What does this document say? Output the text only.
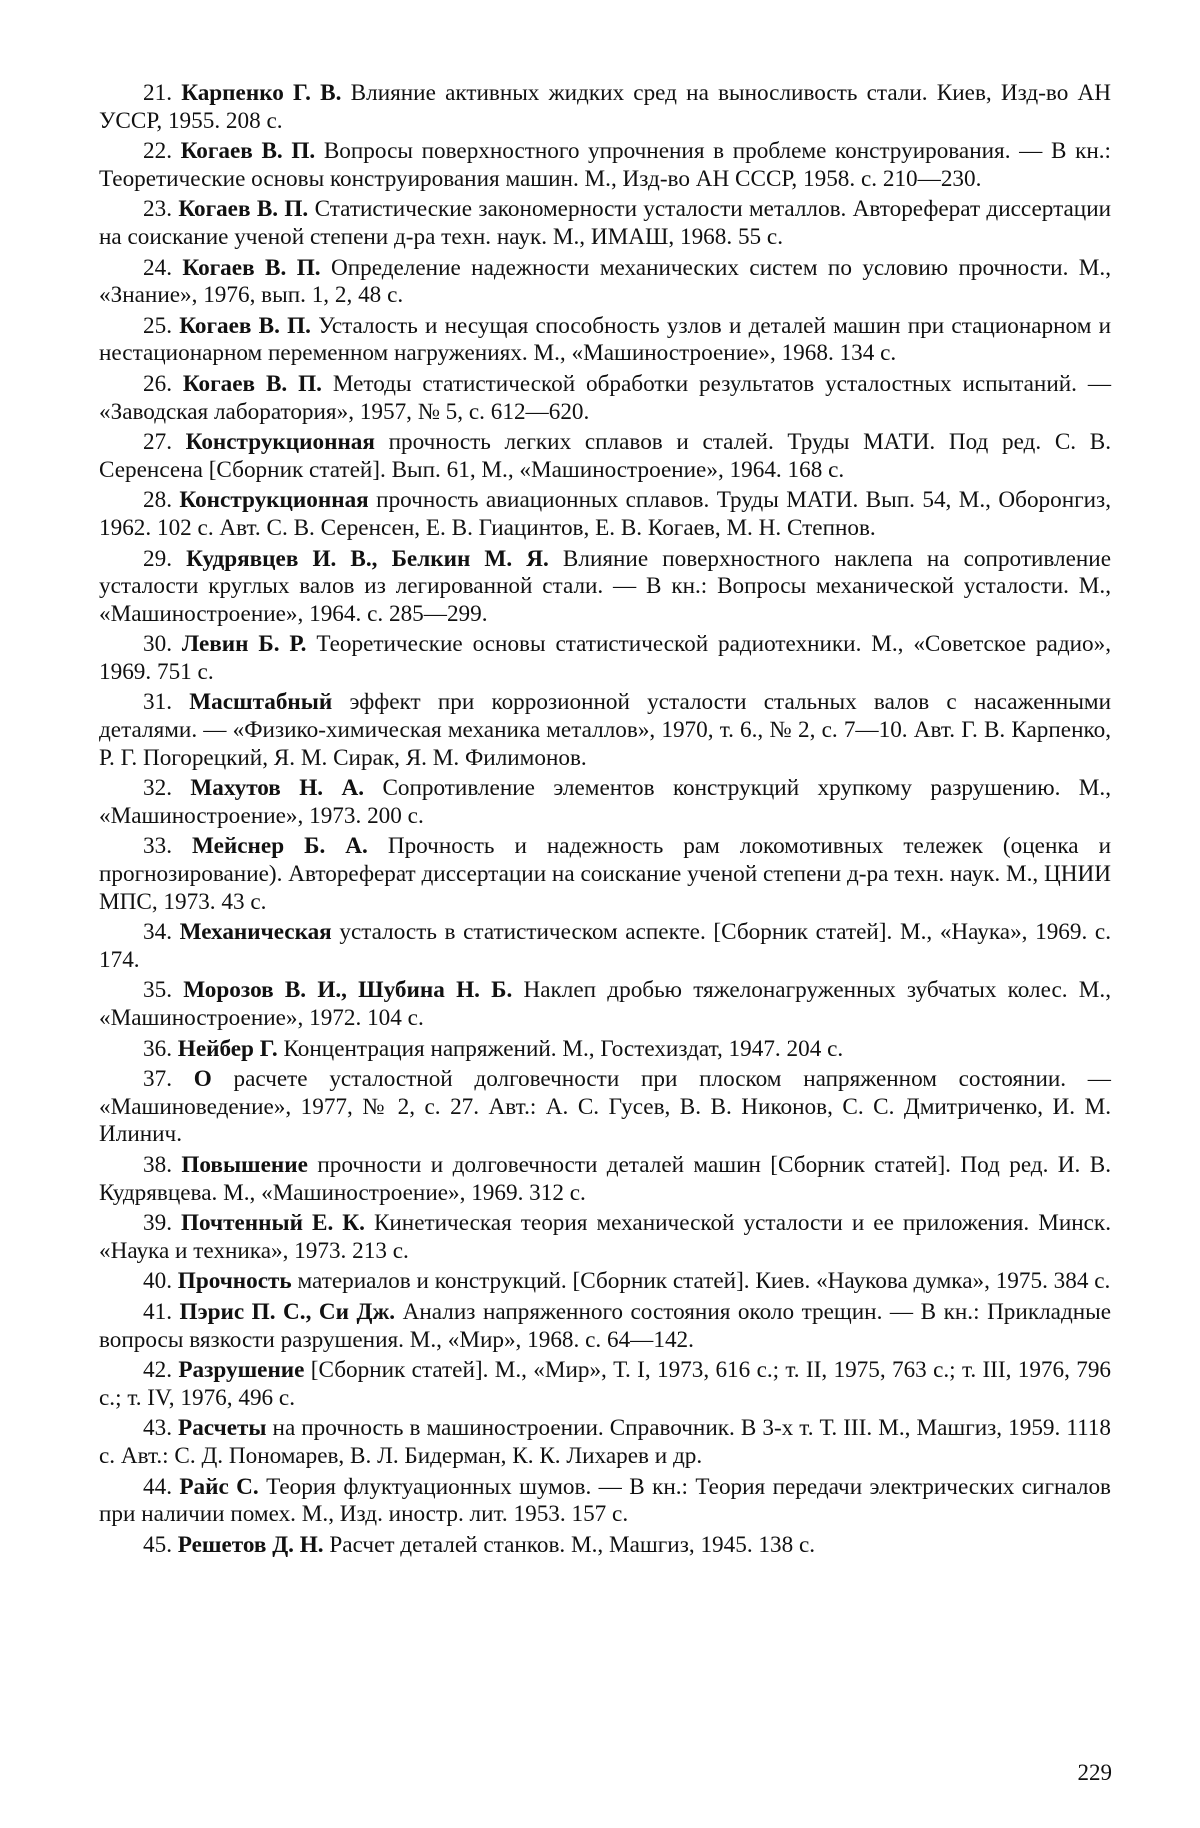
21. Карпенко Г. В. Влияние активных жидких сред на выносливость стали. Киев, Изд-во АН УССР, 1955. 208 с.

22. Когаев В. П. Вопросы поверхностного упрочнения в проблеме конструирования. — В кн.: Теоретические основы конструирования машин. М., Изд-во АН СССР, 1958. с. 210—230.

23. Когаев В. П. Статистические закономерности усталости металлов. Автореферат диссертации на соискание ученой степени д-ра техн. наук. М., ИМАШ, 1968. 55 с.

24. Когаев В. П. Определение надежности механических систем по условию прочности. М., «Знание», 1976, вып. 1, 2, 48 с.

25. Когаев В. П. Усталость и несущая способность узлов и деталей машин при стационарном и нестационарном переменном нагружениях. М., «Машиностроение», 1968. 134 с.

26. Когаев В. П. Методы статистической обработки результатов усталостных испытаний. — «Заводская лаборатория», 1957, № 5, с. 612—620.

27. Конструкционная прочность легких сплавов и сталей. Труды МАТИ. Под ред. С. В. Серенсена [Сборник статей]. Вып. 61, М., «Машиностроение», 1964. 168 с.

28. Конструкционная прочность авиационных сплавов. Труды МАТИ. Вып. 54, М., Оборонгиз, 1962. 102 с. Авт. С. В. Серенсен, Е. В. Гиацинтов, Е. В. Когаев, М. Н. Степнов.

29. Кудрявцев И. В., Белкин М. Я. Влияние поверхностного наклепа на сопротивление усталости круглых валов из легированной стали. — В кн.: Вопросы механической усталости. М., «Машиностроение», 1964. с. 285—299.

30. Левин Б. Р. Теоретические основы статистической радиотехники. М., «Советское радио», 1969. 751 с.

31. Масштабный эффект при коррозионной усталости стальных валов с насаженными деталями. — «Физико-химическая механика металлов», 1970, т. 6., № 2, с. 7—10. Авт. Г. В. Карпенко, Р. Г. Погорецкий, Я. М. Сирак, Я. М. Филимонов.

32. Махутов Н. А. Сопротивление элементов конструкций хрупкому разрушению. М., «Машиностроение», 1973. 200 с.

33. Мейснер Б. А. Прочность и надежность рам локомотивных тележек (оценка и прогнозирование). Автореферат диссертации на соискание ученой степени д-ра техн. наук. М., ЦНИИ МПС, 1973. 43 с.

34. Механическая усталость в статистическом аспекте. [Сборник статей]. М., «Наука», 1969. с. 174.

35. Морозов В. И., Шубина Н. Б. Наклеп дробью тяжелонагруженных зубчатых колес. М., «Машиностроение», 1972. 104 с.

36. Нейбер Г. Концентрация напряжений. М., Гостехиздат, 1947. 204 с.

37. О расчете усталостной долговечности при плоском напряженном состоянии. — «Машиноведение», 1977, № 2, с. 27. Авт.: А. С. Гусев, В. В. Никонов, С. С. Дмитриченко, И. М. Илинич.

38. Повышение прочности и долговечности деталей машин [Сборник статей]. Под ред. И. В. Кудрявцева. М., «Машиностроение», 1969. 312 с.

39. Почтенный Е. К. Кинетическая теория механической усталости и ее приложения. Минск. «Наука и техника», 1973. 213 с.

40. Прочность материалов и конструкций. [Сборник статей]. Киев. «Наукова думка», 1975. 384 с.

41. Пэрис П. С., Си Дж. Анализ напряженного состояния около трещин. — В кн.: Прикладные вопросы вязкости разрушения. М., «Мир», 1968. с. 64—142.

42. Разрушение [Сборник статей]. М., «Мир», Т. I, 1973, 616 с.; т. II, 1975, 763 с.; т. III, 1976, 796 с.; т. IV, 1976, 496 с.

43. Расчеты на прочность в машиностроении. Справочник. В 3-х т. Т. III. М., Машгиз, 1959. 1118 с. Авт.: С. Д. Пономарев, В. Л. Бидерман, К. К. Лихарев и др.

44. Райс С. Теория флуктуационных шумов. — В кн.: Теория передачи электрических сигналов при наличии помех. М., Изд. иностр. лит. 1953. 157 с.

45. Решетов Д. Н. Расчет деталей станков. М., Машгиз, 1945. 138 с.

229
